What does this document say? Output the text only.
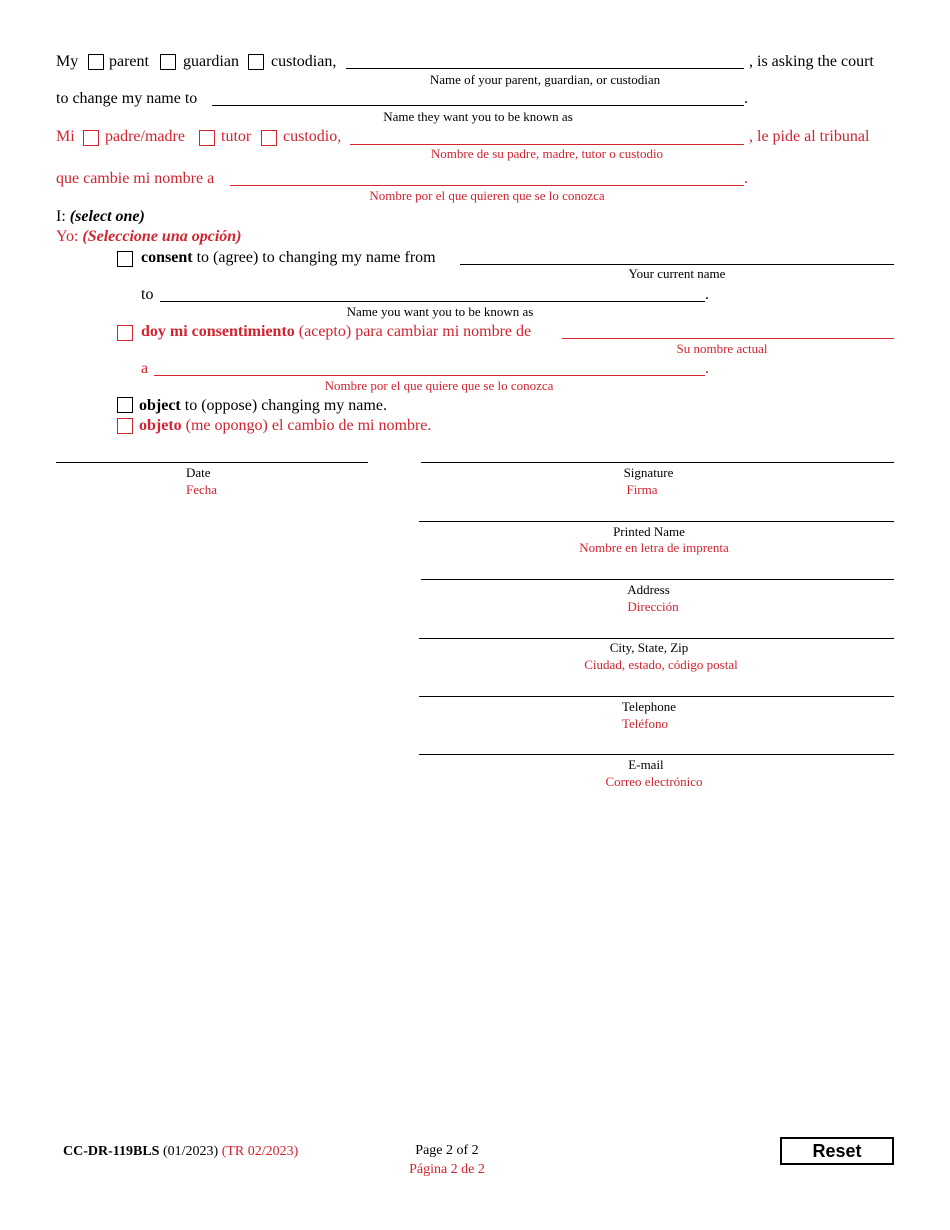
My parent guardian custodian,	, is asking the court
Name of your parent, guardian, or custodian
to change my name to	.
Name they want you to be known as
Mi padre/madre tutor custodio,	, le pide al tribunal
Nombre de su padre, madre, tutor o custodio
que cambie mi nombre a	.
Nombre por el que quieren que se lo conozca
I: (select one)
Yo: (Seleccione una opción)
consent to (agree) to changing my name from
Your current name
to	.
Name you want you to be known as
doy mi consentimiento (acepto) para cambiar mi nombre de
Su nombre actual
a	.
Nombre por el que quiere que se lo conozca
object to (oppose) changing my name.
objeto (me opongo) el cambio de mi nombre.
Date
Fecha
Signature
Firma
Printed Name
Nombre en letra de imprenta
Address
Dirección
City, State, Zip
Ciudad, estado, código postal
Telephone
Teléfono
E-mail
Correo electrónico
CC-DR-119BLS (01/2023) (TR 02/2023)	Page 2 of 2
Página 2 de 2
Reset
